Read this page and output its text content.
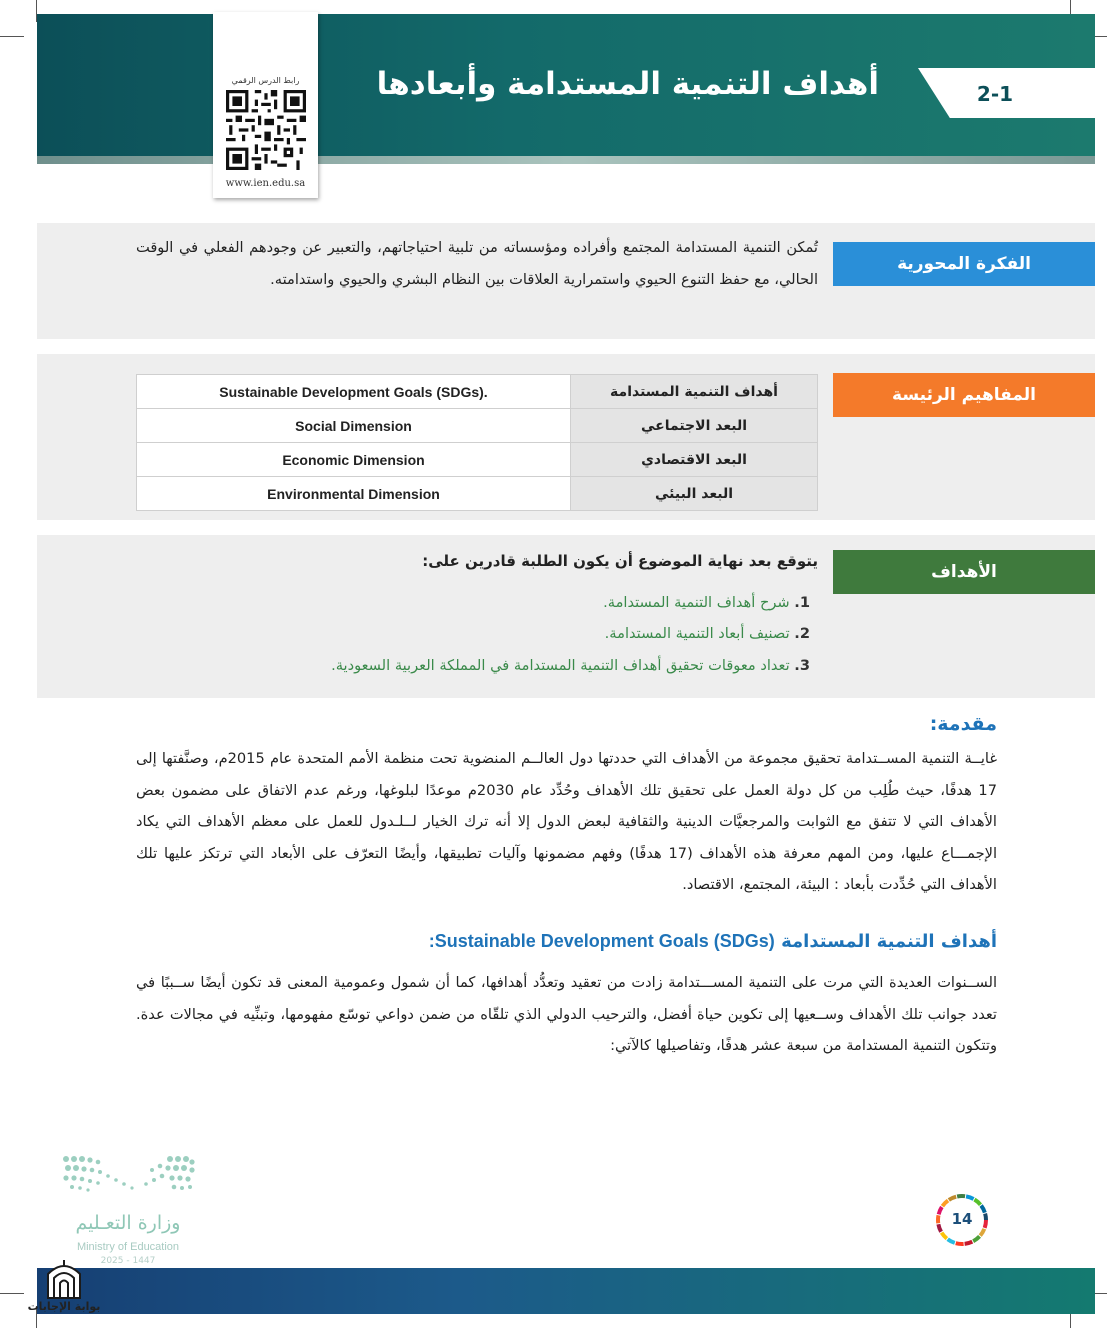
أهداف التنمية المستدامة وأبعادها	2-1
رابط الدرس الرقمي
www.ien.edu.sa
الفكرة المحورية
تُمكن التنمية المستدامة المجتمع وأفراده ومؤسساته من تلبية احتياجاتهم، والتعبير عن وجودهم الفعلي في الوقت الحالي، مع حفظ التنوع الحيوي واستمرارية العلاقات بين النظام البشري والحيوي واستدامته.
المفاهيم الرئيسة
Sustainable Development Goals (SDGs).	أهداف التنمية المستدامة
Social Dimension	البعد الاجتماعي
Economic Dimension	البعد الاقتصادي
Environmental Dimension	البعد البيئي
الأهداف
يتوقع بعد نهاية الموضوع أن يكون الطلبة قادرين على:
1. شرح أهداف التنمية المستدامة.
2. تصنيف أبعاد التنمية المستدامة.
3. تعداد معوقات تحقيق أهداف التنمية المستدامة في المملكة العربية السعودية.
مقدمة:
غايــة التنمية المســتدامة تحقيق مجموعة من الأهداف التي حددتها دول العالــم المنضوية تحت منظمة الأمم المتحدة عام 2015م، وصنَّفتها إلى 17 هدفًا، حيث طُلِب من كل دولة العمل على تحقيق تلك الأهداف وحُدِّد عام 2030م موعدًا لبلوغها، ورغم عدم الاتفاق على مضمون بعض الأهداف التي لا تتفق مع الثوابت والمرجعيَّات الدينية والثقافية لبعض الدول إلا أنه ترك الخيار لــلـدول للعمل على معظم الأهداف التي يكاد الإجمـــاع عليها، ومن المهم معرفة هذه الأهداف (17 هدفًا) وفهم مضمونها وآليات تطبيقها، وأيضًا التعرّف على الأبعاد التي ترتكز عليها تلك الأهداف التي حُدِّدت بأبعاد : البيئة، المجتمع، الاقتصاد.
أهداف التنمية المستدامة Sustainable Development Goals (SDGs):
الســنوات العديدة التي مرت على التنمية المســـتدامة زادت من تعقيد وتعدُّد أهدافها، كما أن شمول وعمومية المعنى قد تكون أيضًا ســببًا في تعدد جوانب تلك الأهداف وســعيها إلى تكوين حياة أفضل، والترحيب الدولي الذي تلقّاه من ضمن دواعي توسّع مفهومها، وتبنِّيه في مجالات عدة. وتتكون التنمية المستدامة من سبعة عشر هدفًا، وتفاصيلها كالآتي:
وزارة التعـليم
Ministry of Education
2025 - 1447
14
بوابة الإجابات
